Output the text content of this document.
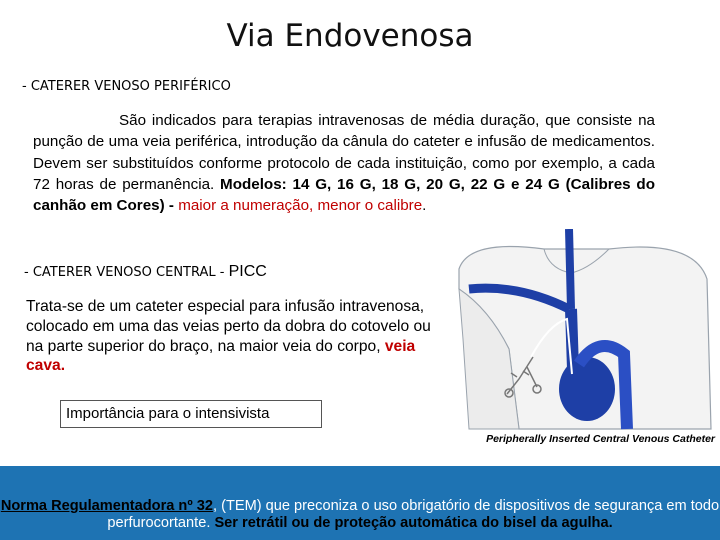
Via Endovenosa
- CATERER VENOSO PERIFÉRICO
São indicados para terapias intravenosas de média duração, que consiste na punção de uma veia periférica, introdução da cânula do cateter e infusão de medicamentos. Devem ser substituídos conforme protocolo de cada instituição, como por exemplo, a cada 72 horas de permanência. Modelos: 14 G, 16 G, 18 G, 20 G, 22 G e 24 G (Calibres do canhão em Cores) - maior a numeração, menor o calibre.
- CATERER VENOSO CENTRAL - PICC
Trata-se de um cateter especial para infusão intravenosa, colocado em uma das veias perto da dobra do cotovelo ou na parte superior do braço, na maior veia do corpo, veia cava.
Importância para o intensivista
Peripherally Inserted Central Venous Catheter
Norma Regulamentadora nº 32, (TEM) que preconiza o uso obrigatório de dispositivos de segurança em todo perfurocortante. Ser retrátil ou de proteção automática do bisel da agulha.
